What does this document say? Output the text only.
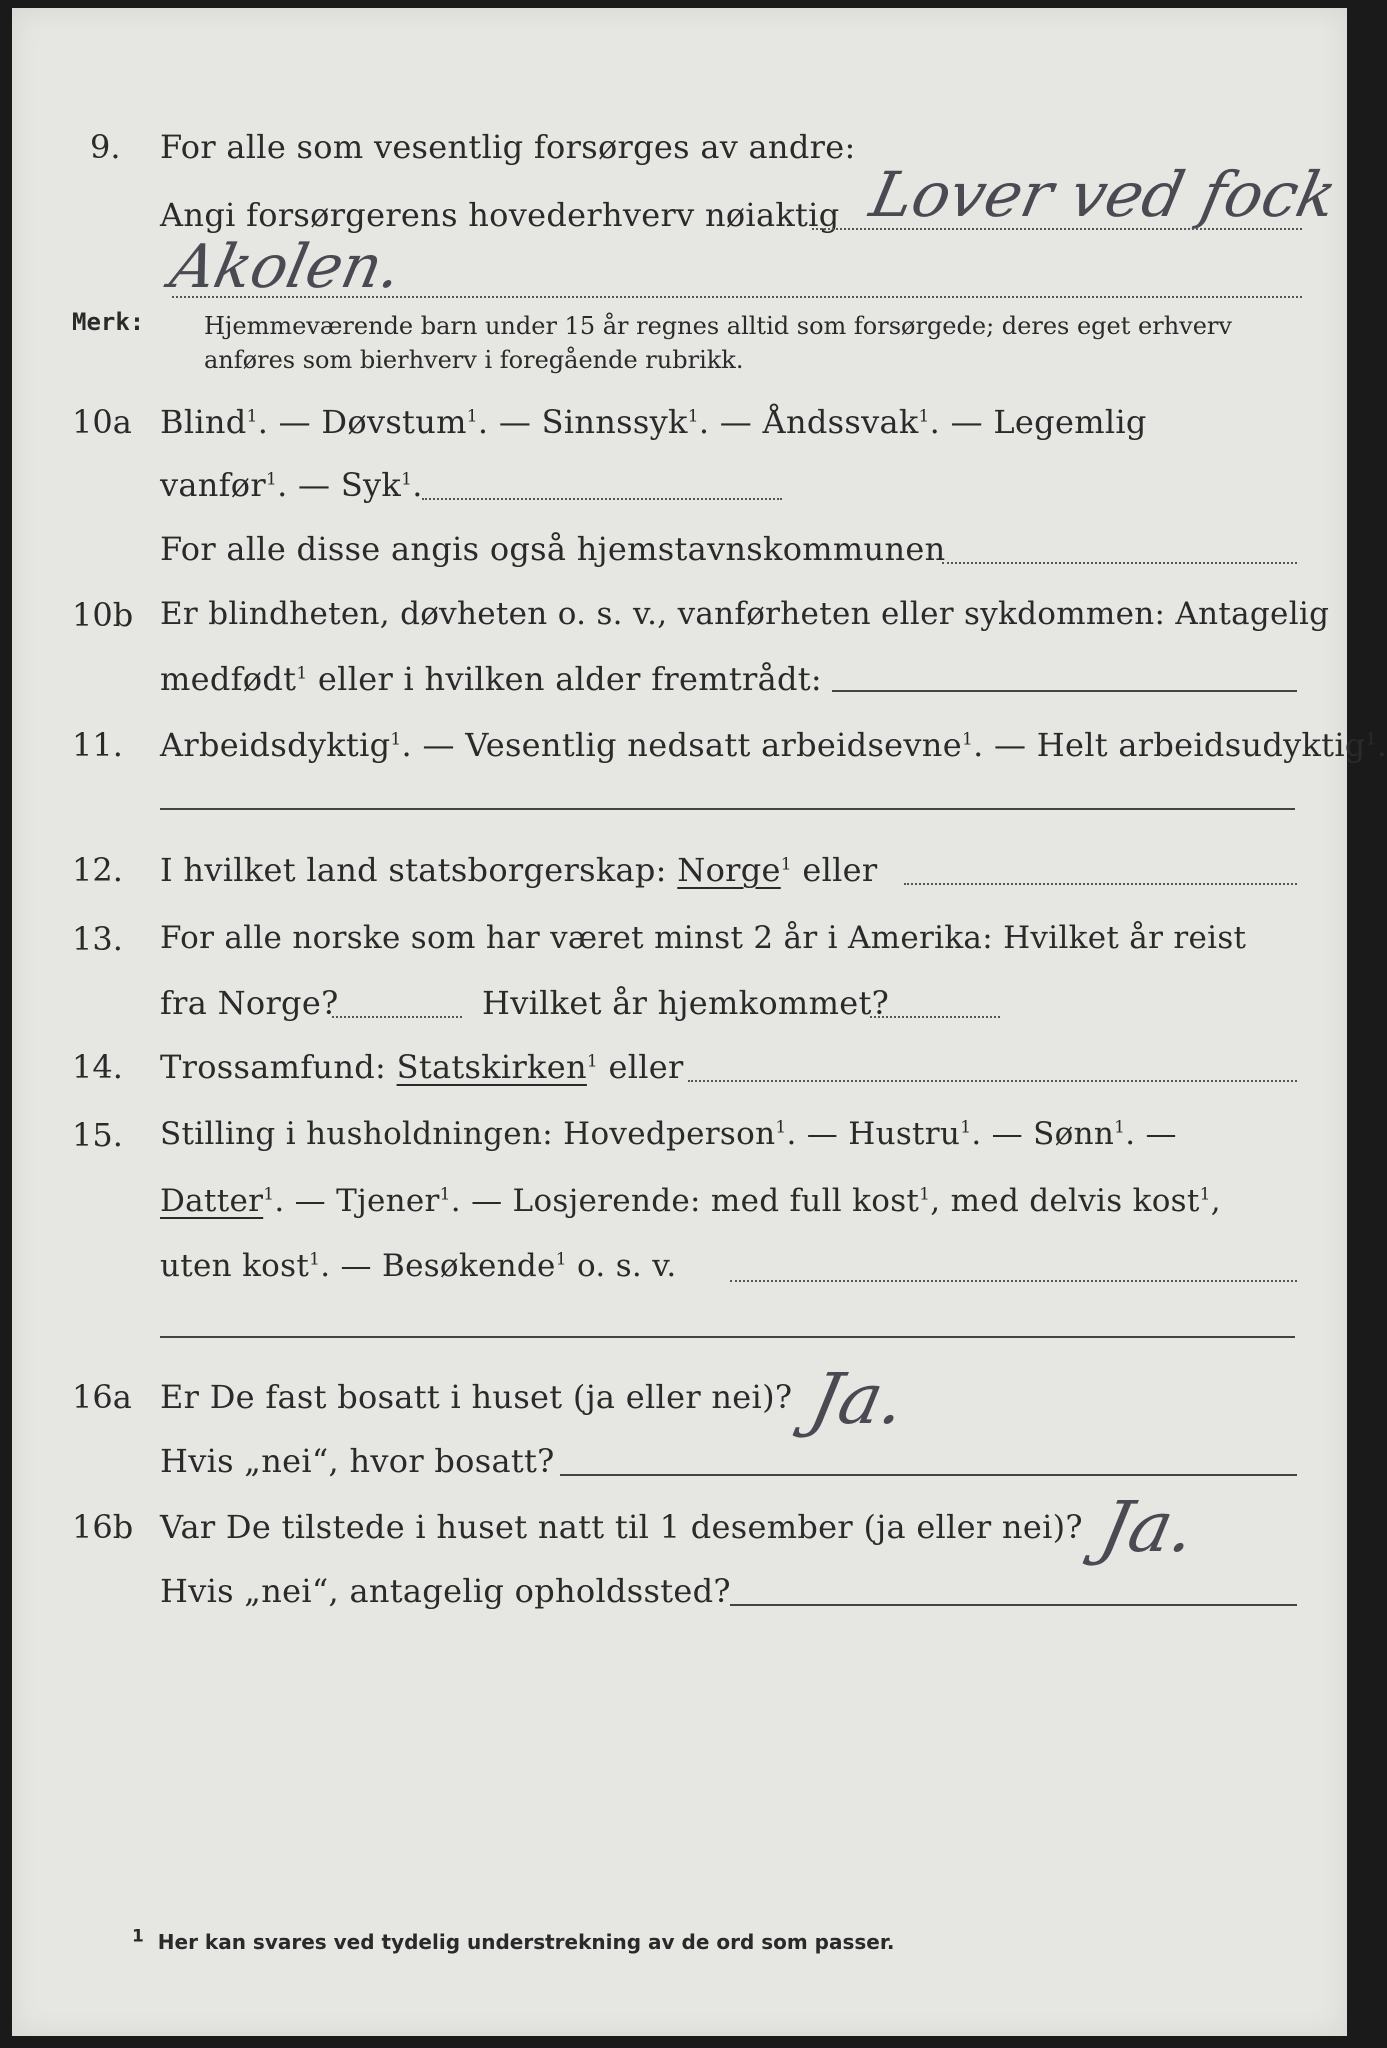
9. For alle som vesentlig forsørges av andre:
Lover ved fock
Angi forsørgerens hovederhverv nøiaktig
Akolen.
Merk: Hjemmeværende barn under 15 år regnes alltid som forsørgede; deres eget erhverv
anføres som bierhverv i foregående rubrikk.
10a Blind$^1$. — Døvstum$^1$. — Sinnssyk$^1$. — Åndssvak$^1$. — Legemlig
vanfør$^1$. — Syk$^1$.
For alle disse angis også hjemstavnskommunen
10b Er blindheten, døvheten o. s. v., vanførheten eller sykdommen: Antagelig
medfødt$^1$ eller i hvilken alder fremtrådt:
11. Arbeidsdyktig$^1$. — Vesentlig nedsatt arbeidsevne$^1$. — Helt arbeidsudyktig$^1$.
12. I hvilket land statsborgerskap: Norge$^1$ eller
13. For alle norske som har været minst 2 år i Amerika: Hvilket år reist
fra Norge?	Hvilket år hjemkommet?
14. Trossamfund: Statskirken$^1$ eller
15. Stilling i husholdningen: Hovedperson$^1$. — Hustru$^1$. — Sønn$^1$. —
Datter$^1$. — Tjener$^1$. — Losjerende: med full kost$^1$, med delvis kost$^1$,
uten kost$^1$. — Besøkende$^1$ o. s. v.
16a Er De fast bosatt i huset (ja eller nei)? Ja.
Hvis „nei“, hvor bosatt?
16b Var De tilstede i huset natt til 1 desember (ja eller nei)? Ja.
Hvis „nei“, antagelig opholdssted?
$^1$ Her kan svares ved tydelig understrekning av de ord som passer.
